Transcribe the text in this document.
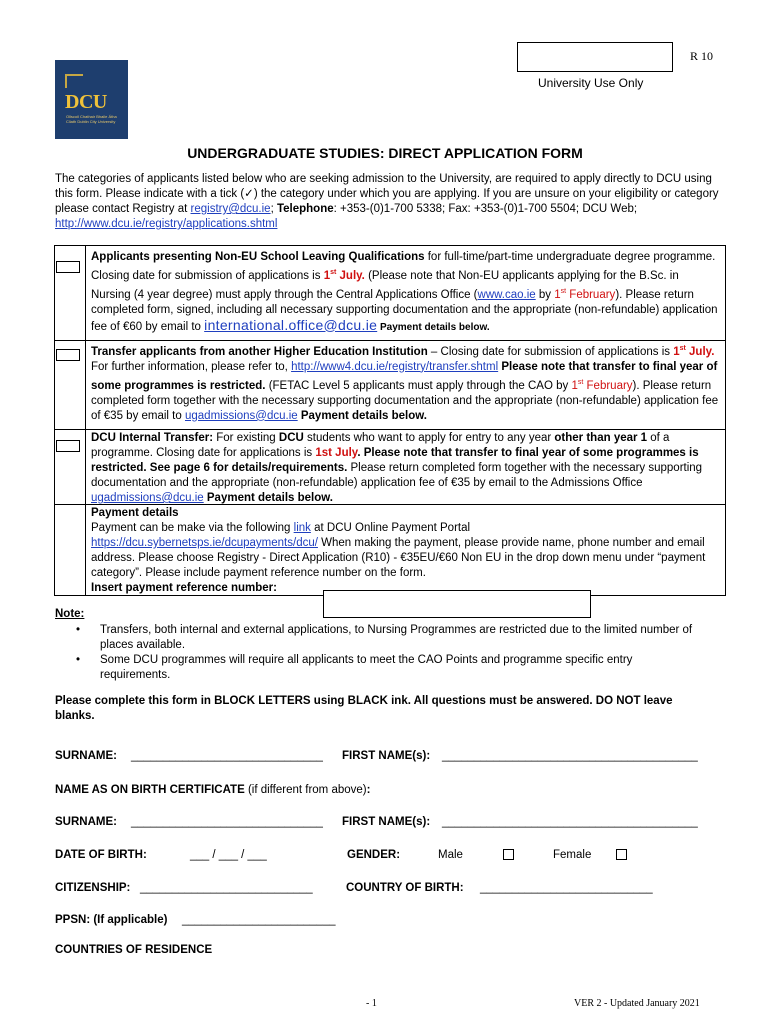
R 10
University Use Only
DCU
Ollscoil Chathair Bhaile Átha Cliath Dublin City University
UNDERGRADUATE STUDIES: DIRECT APPLICATION FORM
The categories of applicants listed below who are seeking admission to the University, are required to apply directly to DCU using this form. Please indicate with a tick (✓) the category under which you are applying. If you are unsure on your eligibility or category please contact Registry at registry@dcu.ie; Telephone: +353-(0)1-700 5338; Fax: +353-(0)1-700 5504; DCU Web; http://www.dcu.ie/registry/applications.shtml
Applicants presenting Non-EU School Leaving Qualifications for full-time/part-time undergraduate degree programme. Closing date for submission of applications is 1st July. (Please note that Non-EU applicants applying for the B.Sc. in Nursing (4 year degree) must apply through the Central Applications Office (www.cao.ie by 1st February). Please return completed form, signed, including all necessary supporting documentation and the appropriate (non-refundable) application fee of €60 by email to international.office@dcu.ie Payment details below.
Transfer applicants from another Higher Education Institution – Closing date for submission of applications is 1st July. For further information, please refer to, http://www4.dcu.ie/registry/transfer.shtml Please note that transfer to final year of some programmes is restricted. (FETAC Level 5 applicants must apply through the CAO by 1st February). Please return completed form together with the necessary supporting documentation and the appropriate (non-refundable) application fee of €35 by email to ugadmissions@dcu.ie Payment details below.
DCU Internal Transfer: For existing DCU students who want to apply for entry to any year other than year 1 of a programme. Closing date for applications is 1st July. Please note that transfer to final year of some programmes is restricted. See page 6 for details/requirements. Please return completed form together with the necessary supporting documentation and the appropriate (non-refundable) application fee of €35 by email to the Admissions Office ugadmissions@dcu.ie Payment details below.
Payment details
Payment can be make via the following link at DCU Online Payment Portal
https://dcu.sybernetsps.ie/dcupayments/dcu/ When making the payment, please provide name, phone number and email address. Please choose Registry - Direct Application (R10) - €35EU/€60 Non EU in the drop down menu under “payment category”. Please include payment reference number on the form.
Insert payment reference number:
Note:
• Transfers, both internal and external applications, to Nursing Programmes are restricted due to the limited number of places available.
• Some DCU programmes will require all applicants to meet the CAO Points and programme specific entry requirements.
Please complete this form in BLOCK LETTERS using BLACK ink. All questions must be answered. DO NOT leave blanks.
SURNAME: ______________________________ FIRST NAME(s): ________________________________________
NAME AS ON BIRTH CERTIFICATE (if different from above):
SURNAME: ______________________________ FIRST NAME(s): ________________________________________
DATE OF BIRTH:	___ / ___ / ___	GENDER:	Male	Female
CITIZENSHIP: ___________________________	COUNTRY OF BIRTH: ___________________________
PPSN: (If applicable) ________________________
COUNTRIES OF RESIDENCE
- 1	VER 2 - Updated January 2021
